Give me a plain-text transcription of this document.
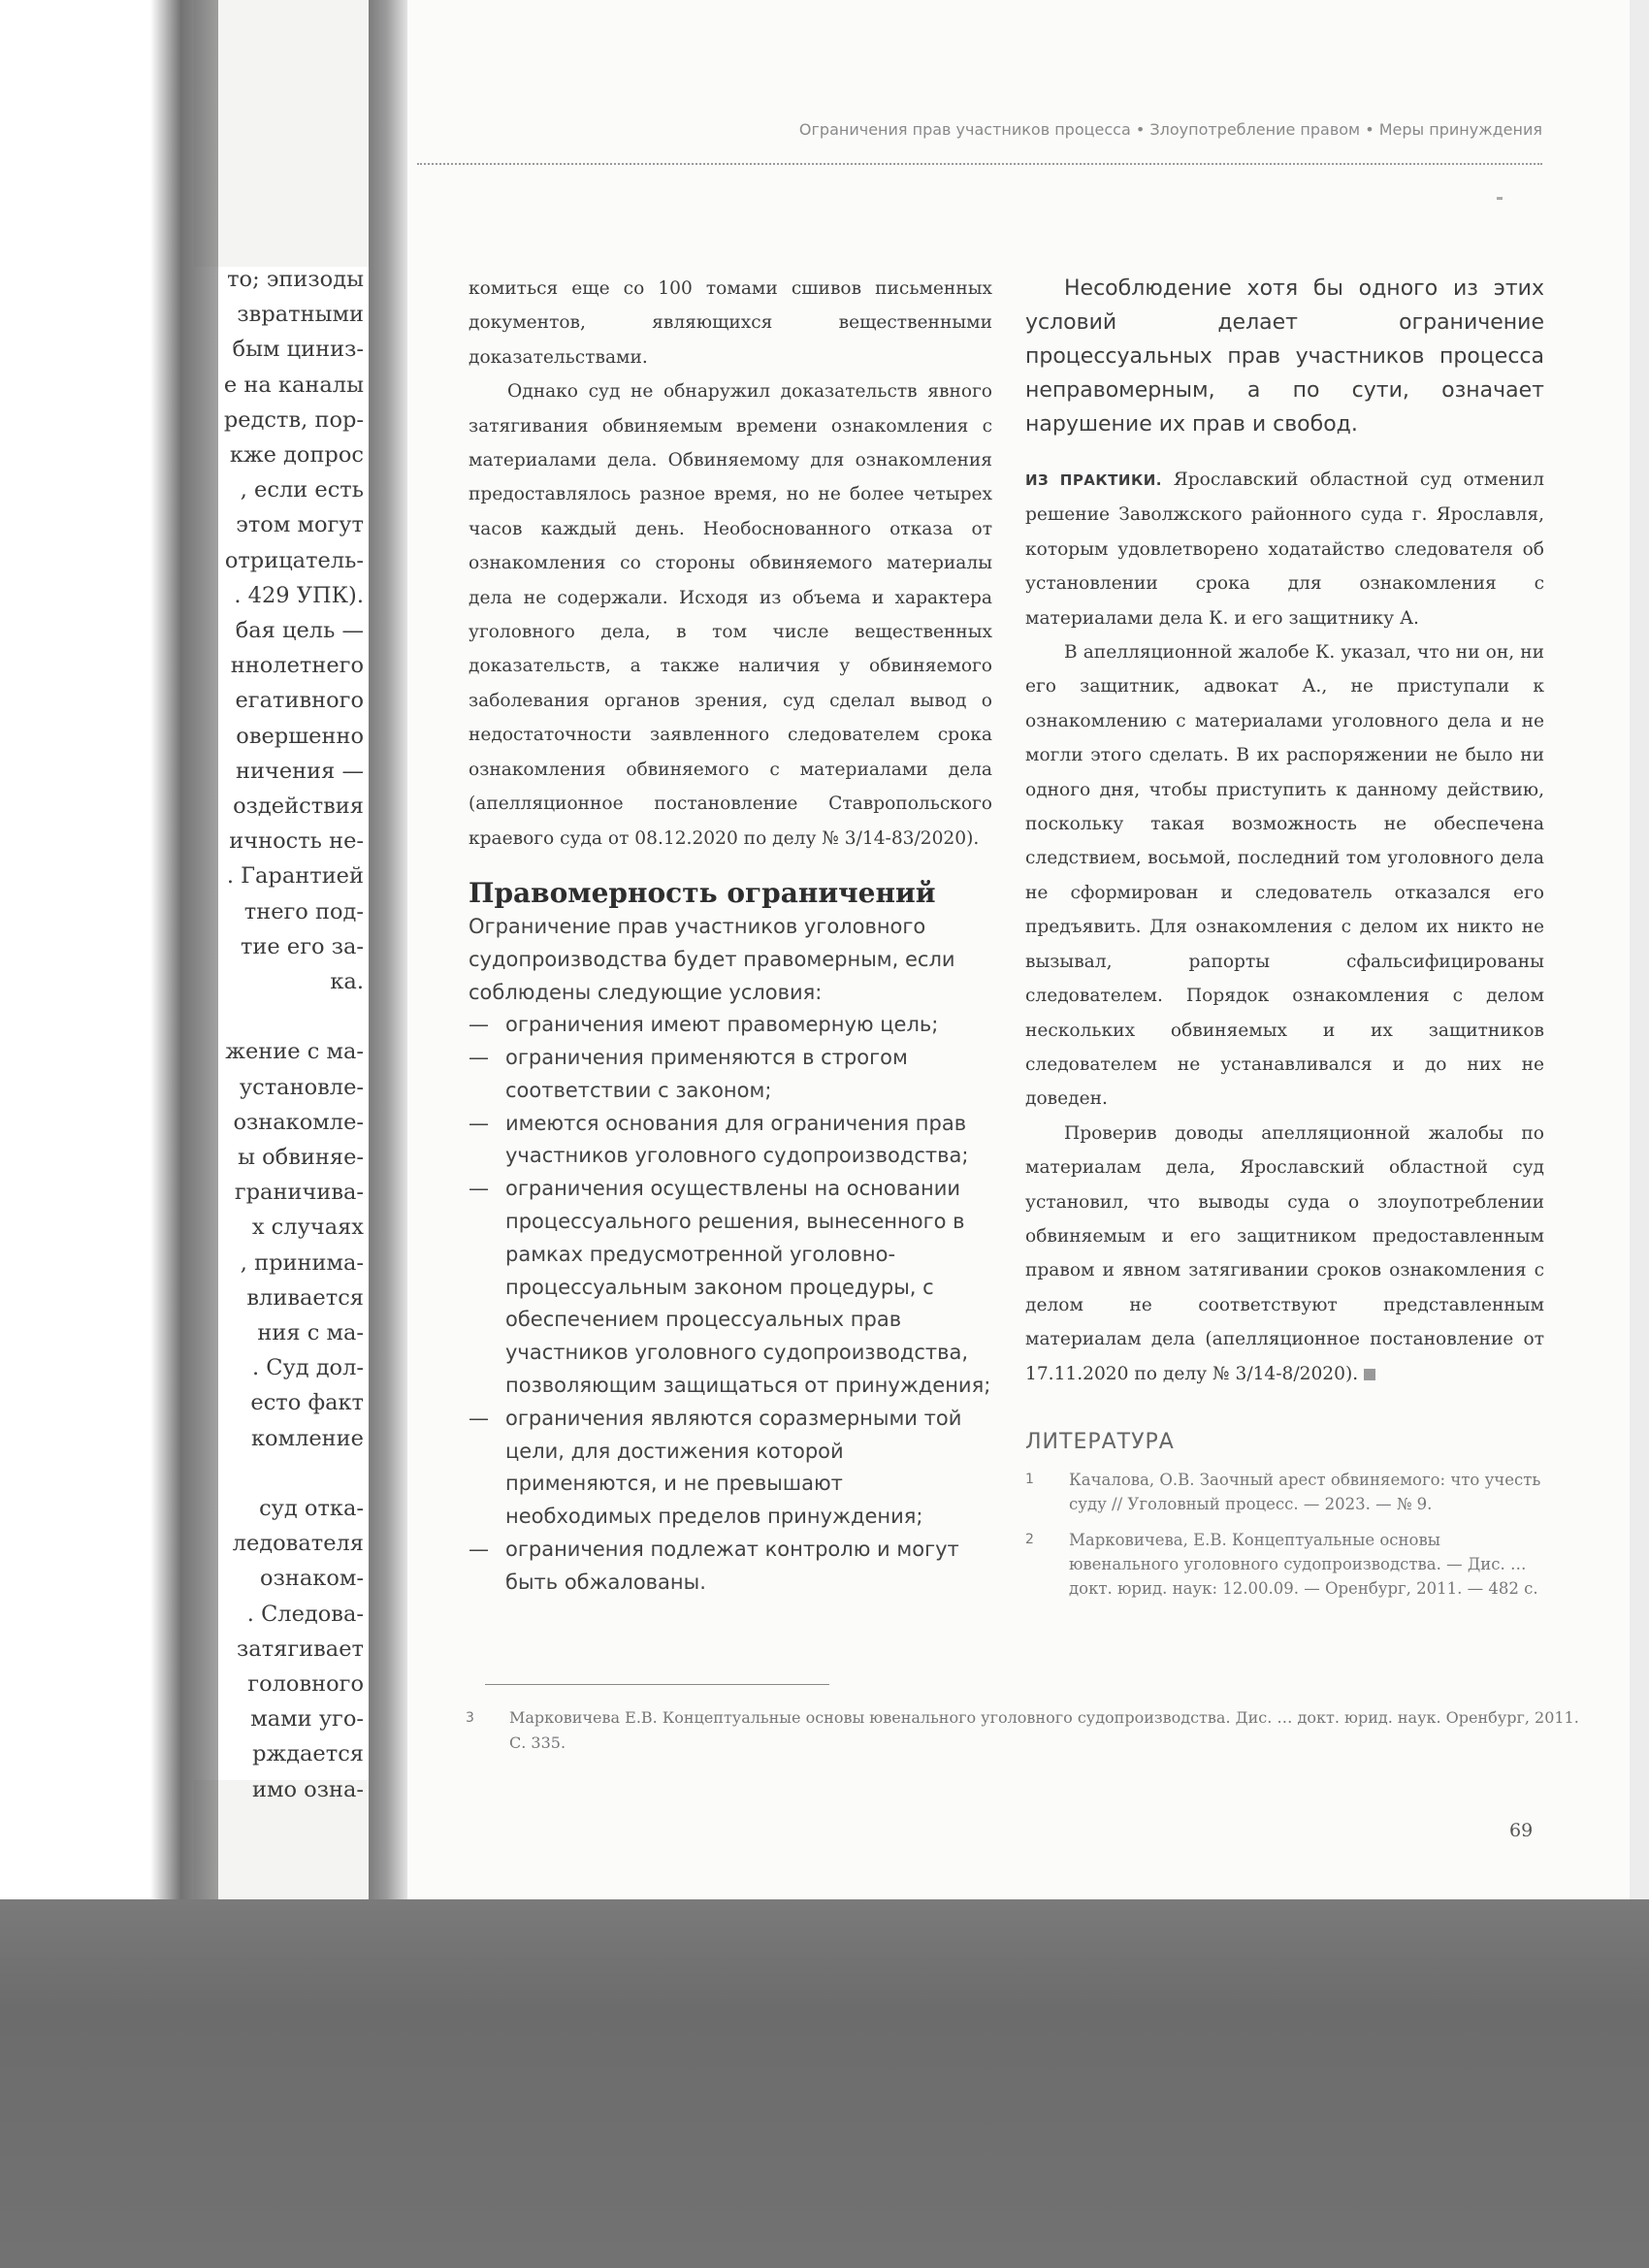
то; эпизоды
звратными
бым циниз-
е на каналы
редств, пор-
кже допрос
, если есть
этом могут
отрицатель-
. 429 УПК).
бая цель —
ннолетнего
егативного
овершенно
ничения —
оздействия
ичность не-
. Гарантией
тнего под-
тие его за-
ка.
жение с ма-
установле-
ознакомле-
ы обвиняе-
граничива-
х случаях
, принима-
вливается
ния с ма-
. Суд дол-
есто факт
комление
суд отка-
ледователя
ознаком-
. Следова-
затягивает
головного
мами уго-
рждается
имо озна-
Ограничения прав участников процесса • Злоупотребление правом • Меры принуждения

комиться еще со 100 томами сшивов письменных документов, являющихся вещественными доказательствами.

Однако суд не обнаружил доказательств явного затягивания обвиняемым времени ознакомления с материалами дела. Обвиняемому для ознакомления предоставлялось разное время, но не более четырех часов каждый день. Необоснованного отказа от ознакомления со стороны обвиняемого материалы дела не содержали. Исходя из объема и характера уголовного дела, в том числе вещественных доказательств, а также наличия у обвиняемого заболевания органов зрения, суд сделал вывод о недостаточности заявленного следователем срока ознакомления обвиняемого с материалами дела (апелляционное постановление Ставропольского краевого суда от 08.12.2020 по делу № 3/14-83/2020).

Правомерность ограничений

Ограничение прав участников уголовного судопроизводства будет правомерным, если соблюдены следующие условия:

— ограничения имеют правомерную цель;

— ограничения применяются в строгом соответствии с законом;

— имеются основания для ограничения прав участников уголовного судопроизводства;

— ограничения осуществлены на основании процессуального решения, вынесенного в рамках предусмотренной уголовно-процессуальным законом процедуры, с обеспечением процессуальных прав участников уголовного судопроизводства, позволяющим защищаться от принуждения;

— ограничения являются соразмерными той цели, для достижения которой применяются, и не превышают необходимых пределов принуждения;

— ограничения подлежат контролю и могут быть обжалованы.

Несоблюдение хотя бы одного из этих условий делает ограничение процессуальных прав участников процесса неправомерным, а по сути, означает нарушение их прав и свобод.

ИЗ ПРАКТИКИ. Ярославский областной суд отменил решение Заволжского районного суда г. Ярославля, которым удовлетворено ходатайство следователя об установлении срока для ознакомления с материалами дела К. и его защитнику А.

В апелляционной жалобе К. указал, что ни он, ни его защитник, адвокат А., не приступали к ознакомлению с материалами уголовного дела и не могли этого сделать. В их распоряжении не было ни одного дня, чтобы приступить к данному действию, поскольку такая возможность не обеспечена следствием, восьмой, последний том уголовного дела не сформирован и следователь отказался его предъявить. Для ознакомления с делом их никто не вызывал, рапорты сфальсифицированы следователем. Порядок ознакомления с делом нескольких обвиняемых и их защитников следователем не устанавливался и до них не доведен.

Проверив доводы апелляционной жалобы по материалам дела, Ярославский областной суд установил, что выводы суда о злоупотреблении обвиняемым и его защитником предоставленным правом и явном затягивании сроков ознакомления с делом не соответствуют представленным материалам дела (апелляционное постановление от 17.11.2020 по делу № 3/14-8/2020).

ЛИТЕРАТУРА

1 Качалова, О.В. Заочный арест обвиняемого: что учесть суду // Уголовный процесс. — 2023. — № 9.

2 Марковичева, Е.В. Концептуальные основы ювенального уголовного судопроизводства. — Дис. … докт. юрид. наук: 12.00.09. — Оренбург, 2011. — 482 с.

3 Марковичева Е.В. Концептуальные основы ювенального уголовного судопроизводства. Дис. … докт. юрид. наук. Оренбург, 2011. С. 335.
69
